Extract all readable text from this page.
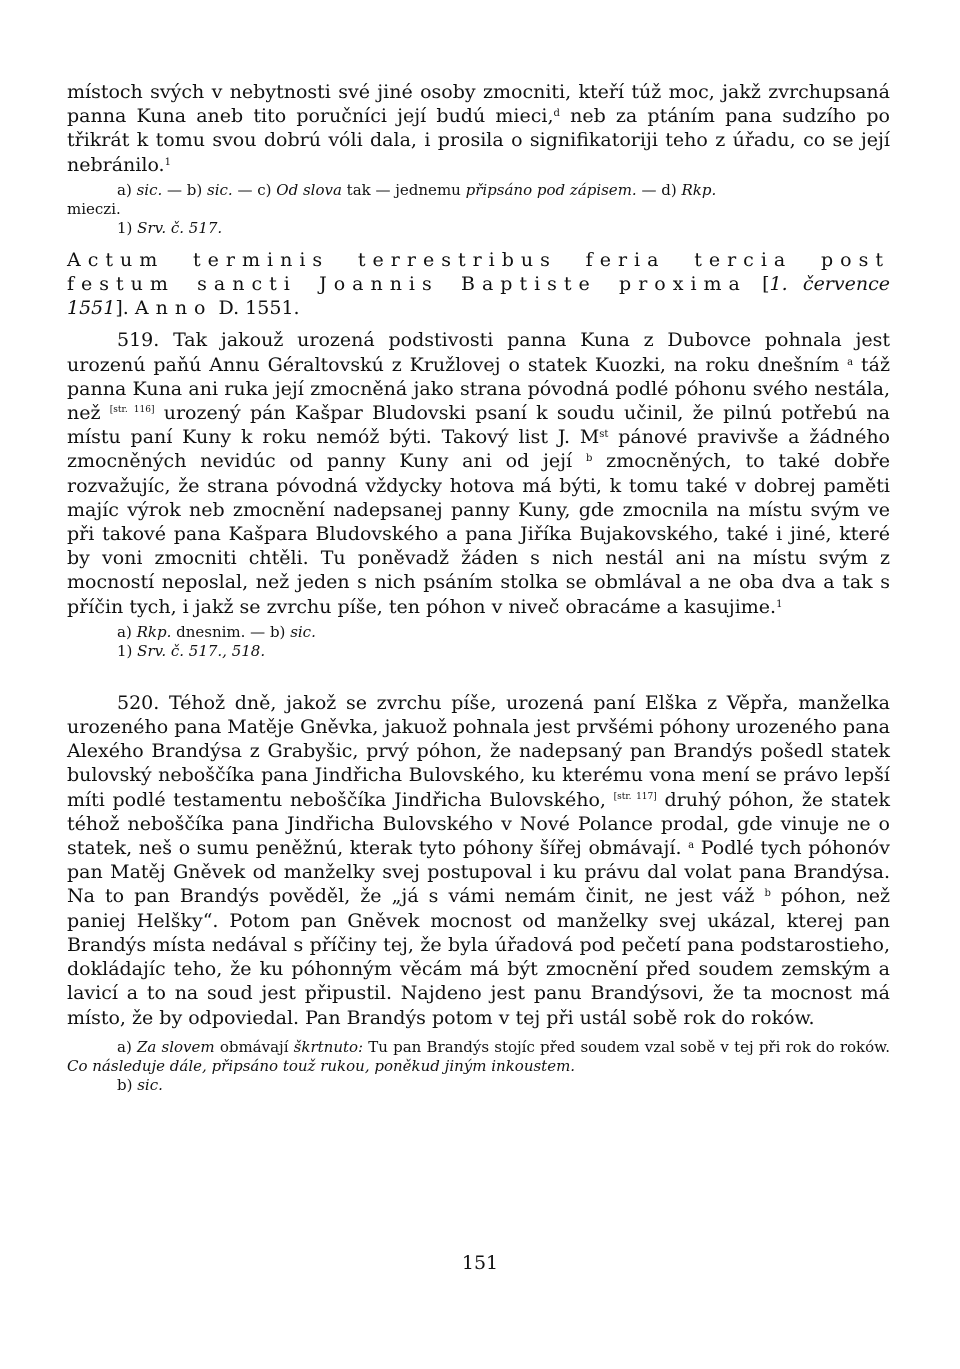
místoch svých v nebytnosti své jiné osoby zmocniti, kteří túž moc, jakž zvrchupsaná panna Kuna aneb tito poručníci její budú mieci,$^d$ neb za ptáním pana sudzího po třikrát k tomu svou dobrú vóli dala, i prosila o signifikatoriji teho z úřadu, co se její nebránilo.$^1$

a) sic. — b) sic. — c) Od slova tak — jednemu připsáno pod zápisem. — d) Rkp.
mieczi.

1) Srv. č. 517.

Actum terminis terrestribus feria tercia post festum sancti Joannis Baptiste proxima [1. července 1551]. Anno D. 1551.

519. Tak jakouž urozená podstivosti panna Kuna z Dubovce pohnala jest urozenú paňú Annu Géraltovskú z Kružlovej o statek Kuozki, na roku dnešním $^a$ táž panna Kuna ani ruka její zmocněná jako strana póvodná podlé póhonu svého nestála, než [str. 116] urozený pán Kašpar Bludovski psaní k soudu učinil, že pilnú potřebú na místu paní Kuny k roku nemóž býti. Takový list J. Mst pánové pravivše a žádného zmocněných nevidúc od panny Kuny ani od její $^b$ zmocněných, to také dobře rozvažujíc, že strana póvodná vždycky hotova má býti, k tomu také v dobrej paměti majíc výrok neb zmocnění nadepsanej panny Kuny, gde zmocnila na místu svým ve při takové pana Kašpara Bludovského a pana Jiříka Bujakovského, také i jiné, které by voni zmocniti chtěli. Tu poněvadž žáden s nich nestál ani na místu svým z mocností neposlal, než jeden s nich psáním stolka se obmlával a ne oba dva a tak s příčin tych, i jakž se zvrchu píše, ten póhon v niveč obracáme a kasujime.$^1$

a) Rkp. dnesnim. — b) sic.

1) Srv. č. 517., 518.

520. Téhož dně, jakož se zvrchu píše, urozená paní Elška z Věpřa, manželka urozeného pana Matěje Gněvka, jakuož pohnala jest prvšémi póhony urozeného pana Alexého Brandýsa z Grabyšic, prvý póhon, že nadepsaný pan Brandýs pošedl statek bulovský neboščíka pana Jindřicha Bulovského, ku kterému vona mení se právo lepší míti podlé testamentu neboščíka Jindřicha Bulovského, [str. 117] druhý póhon, že statek téhož neboščíka pana Jindřicha Bulovského v Nové Polance prodal, gde vinuje ne o statek, neš o sumu peněžnú, kterak tyto póhony šířej obmávají. $^a$ Podlé tych póhonóv pan Matěj Gněvek od manželky svej postupoval i ku právu dal volat pana Brandýsa. Na to pan Brandýs pověděl, že „já s vámi nemám činit, ne jest váž $^b$ póhon, než paniej Helšky“. Potom pan Gněvek mocnost od manželky svej ukázal, kterej pan Brandýs místa nedával s příčiny tej, že byla úřadová pod pečetí pana podstarostieho, dokládajíc teho, že ku póhonným věcám má být zmocnění před soudem zemským a lavicí a to na soud jest připustil. Najdeno jest panu Brandýsovi, že ta mocnost má místo, že by odpoviedal. Pan Brandýs potom v tej při ustál sobě rok do roków.

a) Za slovem obmávají škrtnuto: Tu pan Brandýs stojíc před soudem vzal sobě v tej při rok do roków. Co následuje dále, připsáno touž rukou, poněkud jiným inkoustem.

b) sic.

151
